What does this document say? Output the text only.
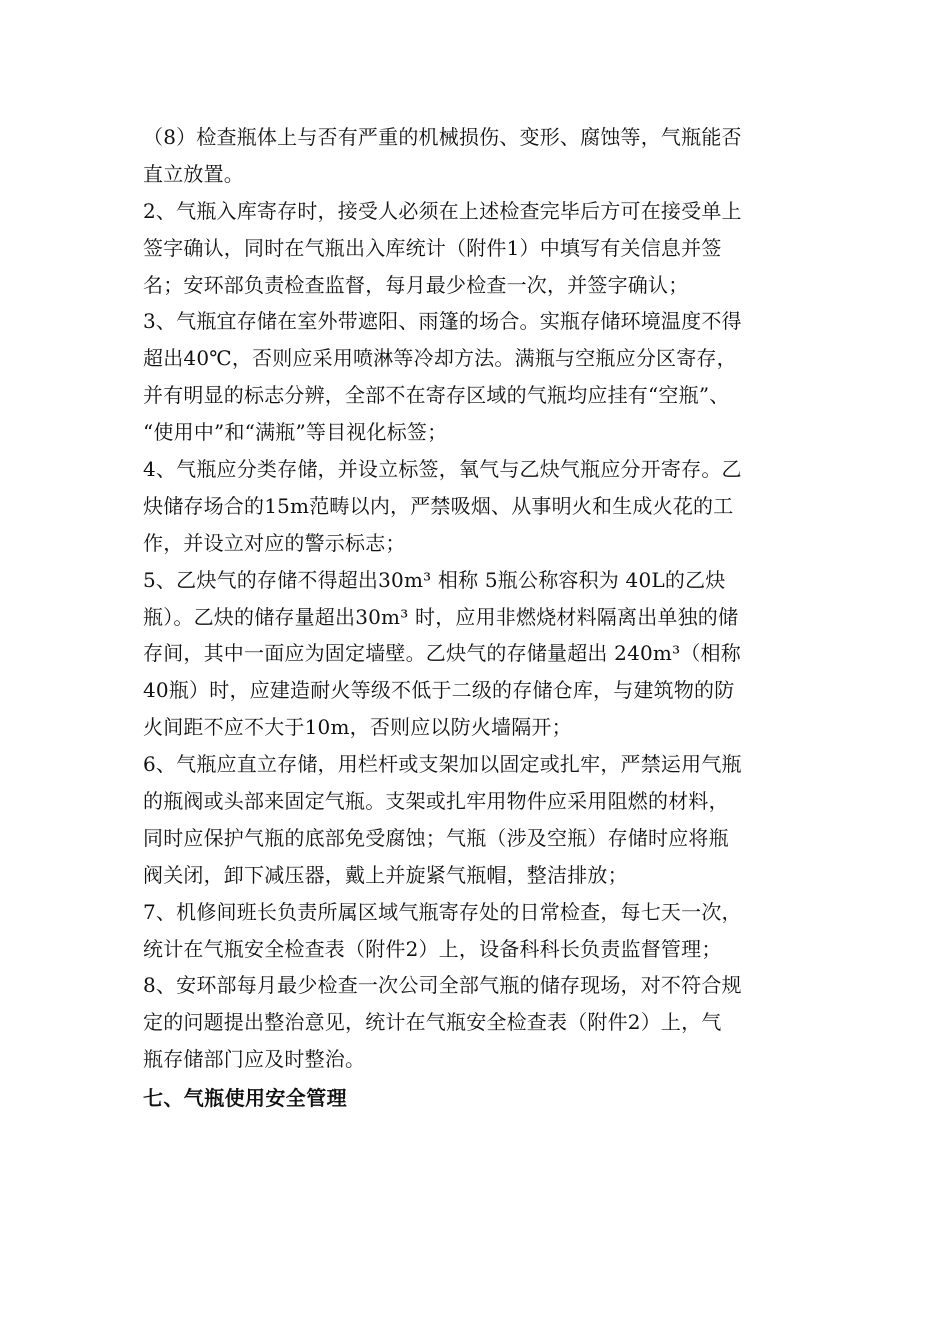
（8）检查瓶体上与否有严重的机械损伤、变形、腐蚀等，气瓶能否
直立放置。
2、气瓶入库寄存时，接受人必须在上述检查完毕后方可在接受单上
签字确认，同时在气瓶出入库统计（附件1）中填写有关信息并签
名；安环部负责检查监督，每月最少检查一次，并签字确认；
3、气瓶宜存储在室外带遮阳、雨篷的场合。实瓶存储环境温度不得
超出40℃，否则应采用喷淋等冷却方法。满瓶与空瓶应分区寄存，
并有明显的标志分辨，全部不在寄存区域的气瓶均应挂有“空瓶”、
“使用中”和“满瓶”等目视化标签；
4、气瓶应分类存储，并设立标签，氧气与乙炔气瓶应分开寄存。乙
炔储存场合的15m范畴以内，严禁吸烟、从事明火和生成火花的工
作，并设立对应的警示标志；
5、乙炔气的存储不得超出30m³ 相称 5瓶公称容积为 40L的乙炔
瓶）。乙炔的储存量超出30m³ 时，应用非燃烧材料隔离出单独的储
存间，其中一面应为固定墙壁。乙炔气的存储量超出 240m³（相称
40瓶）时，应建造耐火等级不低于二级的存储仓库，与建筑物的防
火间距不应不大于10m，否则应以防火墙隔开；
6、气瓶应直立存储，用栏杆或支架加以固定或扎牢，严禁运用气瓶
的瓶阀或头部来固定气瓶。支架或扎牢用物件应采用阻燃的材料，
同时应保护气瓶的底部免受腐蚀；气瓶（涉及空瓶）存储时应将瓶
阀关闭，卸下减压器，戴上并旋紧气瓶帽，整洁排放；
7、机修间班长负责所属区域气瓶寄存处的日常检查，每七天一次，
统计在气瓶安全检查表（附件2）上，设备科科长负责监督管理；
8、安环部每月最少检查一次公司全部气瓶的储存现场，对不符合规
定的问题提出整治意见，统计在气瓶安全检查表（附件2）上，气
瓶存储部门应及时整治。
七、气瓶使用安全管理
